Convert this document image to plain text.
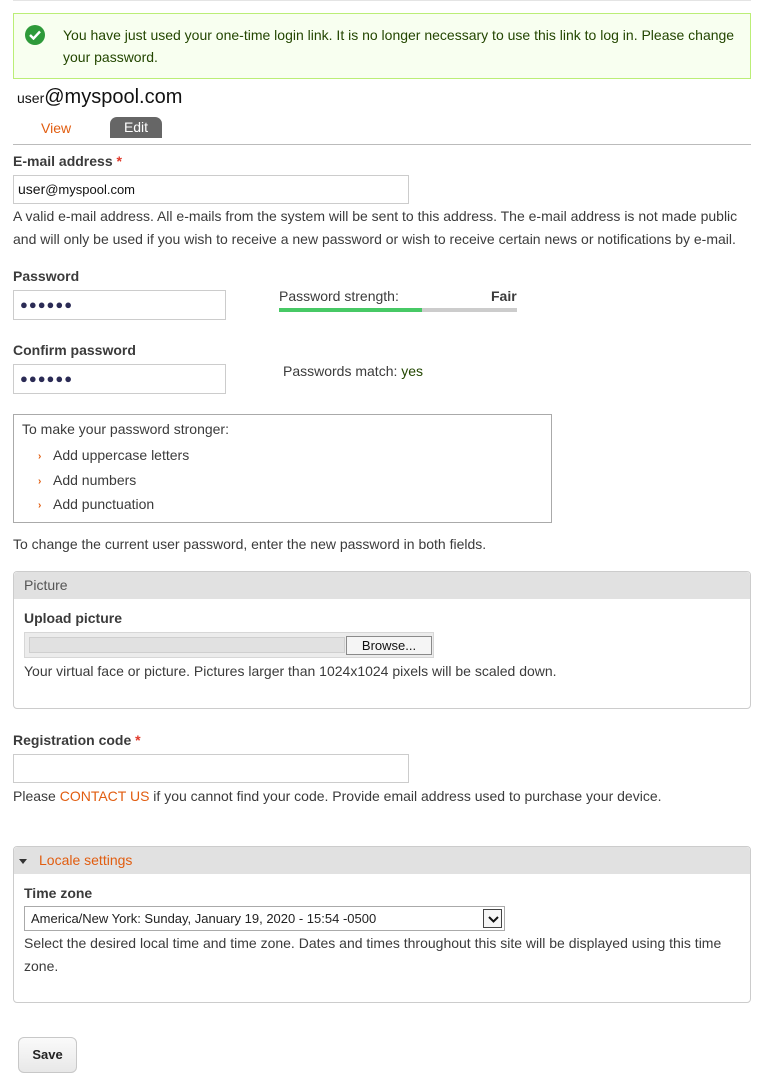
You have just used your one-time login link. It is no longer necessary to use this link to log in. Please change your password.
user@myspool.com
View	Edit
E-mail address *
user@myspool.com
A valid e-mail address. All e-mails from the system will be sent to this address. The e-mail address is not made public and will only be used if you wish to receive a new password or wish to receive certain news or notifications by e-mail.
Password
●●●●●●
Password strength:	Fair
Confirm password
●●●●●●	Passwords match: yes
To make your password stronger:
› Add uppercase letters
› Add numbers
› Add punctuation
To change the current user password, enter the new password in both fields.
Picture
Upload picture
Browse...
Your virtual face or picture. Pictures larger than 1024x1024 pixels will be scaled down.
Registration code *
Please CONTACT US if you cannot find your code. Provide email address used to purchase your device.
Locale settings
Time zone
America/New York: Sunday, January 19, 2020 - 15:54 -0500
Select the desired local time and time zone. Dates and times throughout this site will be displayed using this time zone.
Save
